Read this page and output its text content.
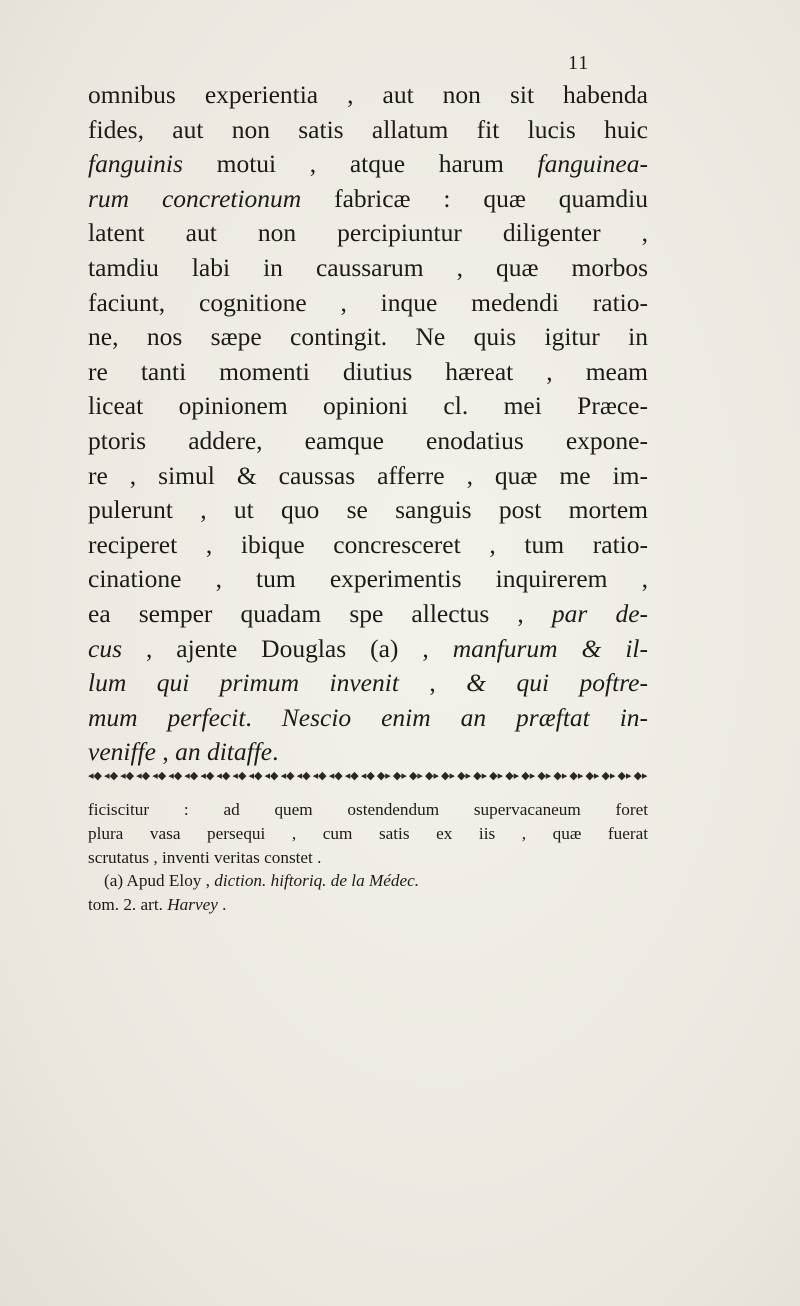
11
omnibus experientia , aut non sit habenda
fides, aut non satis allatum fit lucis huic
fanguinis motui , atque harum fanguinea-
rum concretionum fabricæ : quæ quamdiu
latent aut non percipiuntur diligenter ,
tamdiu labi in caussarum , quæ morbos
faciunt, cognitione , inque medendi ratio-
ne, nos sæpe contingit. Ne quis igitur in
re tanti momenti diutius hæreat , meam
liceat opinionem opinioni cl. mei Præce-
ptoris addere, eamque enodatius expone-
re , simul & caussas afferre , quæ me im-
pulerunt , ut quo se sanguis post mortem
reciperet , ibique concresceret , tum ratio-
cinatione , tum experimentis inquirerem ,
ea semper quadam spe allectus , par de-
cus , ajente Douglas (a) , manfurum & il-
lum qui primum invenit , & qui poftre-
mum perfecit. Nescio enim an præftat in-
veniffe , an ditaffe.
◂◆ ◂◆ ◂◆ ◂◆ ◂◆ ◂◆ ◂◆ ◂◆ ◂◆ ◂◆ ◂◆ ◂◆ ◂◆ ◂◆ ◂◆ ◂◆ ◂◆ ◂◆ ◆▸ ◆▸ ◆▸ ◆▸ ◆▸ ◆▸ ◆▸ ◆▸ ◆▸ ◆▸ ◆▸ ◆▸ ◆▸ ◆▸ ◆▸ ◆▸ ◆▸
ficiscitur : ad quem ostendendum supervacaneum foret
plura vasa persequi , cum satis ex iis , quæ fuerat
scrutatus , inventi veritas constet .
(a) Apud Eloy , diction. hiftoriq. de la Médec.
tom. 2. art. Harvey .
